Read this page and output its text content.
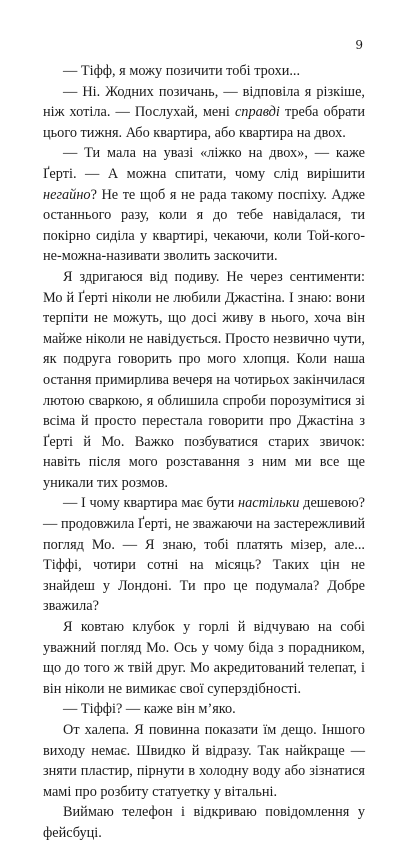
9

— Тіфф, я можу позичити тобі трохи...

— Ні. Жодних позичань, — відповіла я різкіше, ніж хотіла. — Послухай, мені справді треба обрати цього тижня. Або квартира, або квартира на двох.

— Ти мала на увазі «ліжко на двох», — каже Ґерті. — А можна спитати, чому слід вирішити негайно? Не те щоб я не рада такому поспіху. Адже останнього разу, коли я до тебе навідалася, ти покірно сиділа у квартирі, чекаючи, коли Той-кого-не-можна-називати зволить заскочити.

Я здригаюся від подиву. Не через сентименти: Мо й Ґерті ніколи не любили Джастіна. І знаю: вони терпіти не можуть, що досі живу в нього, хоча він майже ніколи не навідується. Просто незвично чути, як подруга говорить про мого хлопця. Коли наша остання примирлива вечеря на чотирьох закінчилася лютою сваркою, я облишила спроби порозумітися зі всіма й просто перестала говорити про Джастіна з Ґерті й Мо. Важко позбуватися старих звичок: навіть після мого розставання з ним ми все ще уникали тих розмов.

— І чому квартира має бути настільки дешевою? — продовжила Ґерті, не зважаючи на застережливий погляд Мо. — Я знаю, тобі платять мізер, але... Тіффі, чотири сотні на місяць? Таких цін не знайдеш у Лондоні. Ти про це подумала? Добре зважила?

Я ковтаю клубок у горлі й відчуваю на собі уважний погляд Мо. Ось у чому біда з порадником, що до того ж твій друг. Мо акредитований телепат, і він ніколи не вимикає свої суперздібності.

— Тіффі? — каже він м’яко.

От халепа. Я повинна показати їм дещо. Іншого виходу немає. Швидко й відразу. Так найкраще — зняти пластир, пірнути в холодну воду або зізнатися мамі про розбиту статуетку у вітальні.

Виймаю телефон і відкриваю повідомлення у фейсбуці.
